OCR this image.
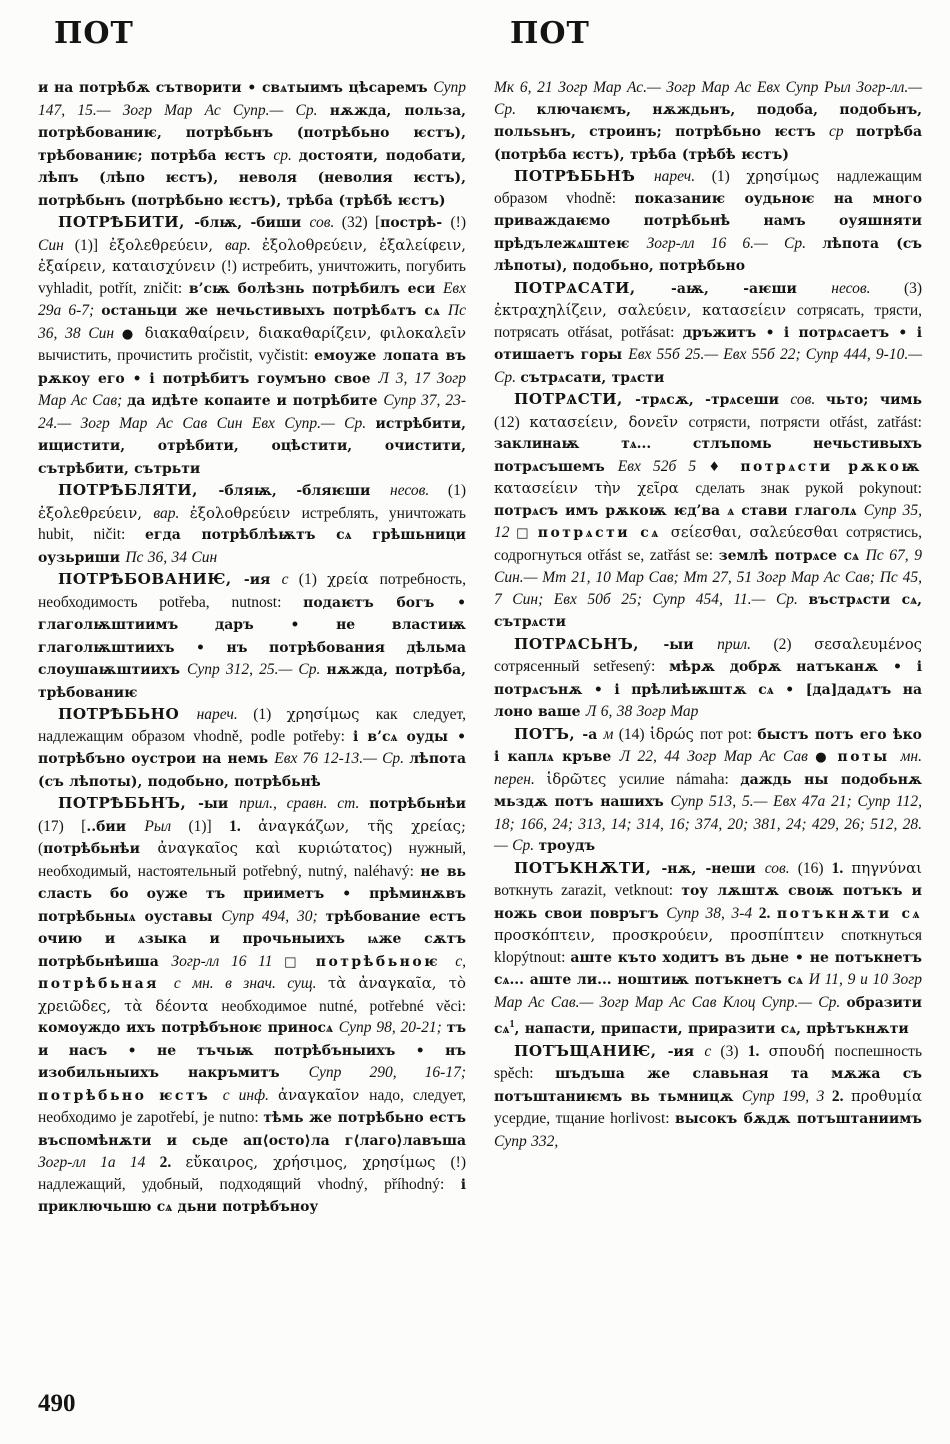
ПОТ

и на потрѣбѫ сътворити • свѧтыимъ цѣсаремъ Супр 147, 15.— Зогр Мар Ас Супр.— Ср. нѫжда, польза, потрѣбованиѥ, потрѣбьнъ (потрѣбьно ѥстъ), трѣбованиѥ; потрѣба ѥстъ ср. достояти, подобати, лѣпъ (лѣпо ѥстъ), неволя (неволия ѥстъ), потрѣбьнъ (потрѣбьно ѥстъ), трѣба (трѣбѣ ѥстъ)

ПОТРѢБИТИ, -блѭ, -биши сов. (32) [пострѣ- (!) Син (1)] ἐξολεθρεύειν, вар. ἐξολοθρεύειν, ἐξαλείφειν, ἐξαίρειν, καταισχύνειν (!) истребить, уничтожить, погубить vyhladit, potřít, zničit: в’сѭ болѣзнь потрѣбилъ еси Евх 29а 6-7; останьци же нечьстивыхъ потрѣбѧтъ сѧ Пс 36, 38 Син ● διακαθαίρειν, διακαθαρίζειν, φιλοκαλεῖν вычистить, прочистить pročistit, vyčistit: емоуже лопата въ рѫкоу его • і потрѣбитъ гоумъно свое Л 3, 17 Зогр Мар Ас Сав; да идѣте копаите и потрѣбите Супр 37, 23-24.— Зогр Мар Ас Сав Син Евх Супр.— Ср. истрѣбити, ищистити, отрѣбити, оцѣстити, очистити, сътрѣбити, сътрьти

ПОТРѢБЛЯТИ, -бляѭ, -бляѥши несов. (1) ἐξολεθρεύειν, вар. ἐξολοθρεύειν истреблять, уничтожать hubit, ničit: егда потрѣблѣѭтъ сѧ грѣшьници оузьриши Пс 36, 34 Син

ПОТРѢБОВАНИѤ, -ия с (1) χρεία потребность, необходимость potřeba, nutnost: подаѥтъ богъ • глаголѭштиимъ даръ • не властиѭ глаголѭштиихъ • нъ потрѣбования дѣльма слоушаѭштиихъ Супр 312, 25.— Ср. нѫжда, потрѣба, трѣбованиѥ

ПОТРѢБЬНО нареч. (1) χρησίμως как следует, надлежащим образом vhodně, podle potřeby: і в’сѧ оуды • потрѣбъно оустрои на немь Евх 76 12-13.— Ср. лѣпота (съ лѣпоты), подобьно, потрѣбьнѣ

ПОТРѢБЬНЪ, -ыи прил., сравн. ст. потрѣбьнѣи (17) [..бии Рыл (1)] 1. ἀναγκάζων, τῆς χρείας; (потрѣбьнѣи ἀναγκαῖος καὶ κυριώτατος) нужный, необходимый, настоятельный potřebný, nutný, naléhavý: не вь сласть бо оуже тъ прииметъ • прѣминѫвъ потрѣбьныѧ оуставы Супр 494, 30; трѣбование естъ очию и ѧзыка и прочьныихъ ѩже сѫтъ потрѣбьнѣиша Зогр-лл 16 11 □ потрѣбьноѥ с, потрѣбьная с мн. в знач. сущ. τὰ ἀναγκαῖα, τὸ χρειῶδες, τὰ δέοντα необходимое nutné, potřebné věci: комоуждо ихъ потрѣбъноѥ приносѧ Супр 98, 20-21; тъ и насъ • не тъчьѭ потрѣбъныихъ • нъ изобильныихъ накръмитъ Супр 290, 16-17; потрѣбьно ѥстъ с инф. ἀναγκαῖον надо, следует, необходимо je zapotřebí, je nutno: тѣмь же потрѣбьно естъ въспомѣнѫти и сьде ап⟨осто⟩ла г⟨лаго⟩лавъша Зогр-лл 1а 14 2. εὔκαιρος, χρήσιμος, χρησίμως (!) надлежащий, удобный, подходящий vhodný, příhodný: і приключьшю сѧ дьни потрѣбъноу

ПОТ

Мк 6, 21 Зогр Мар Ас.— Зогр Мар Ас Евх Супр Рыл Зогр-лл.— Ср. ключаѥмъ, нѫждьнъ, подоба, подобьнъ, польѕьнъ, строинъ; потрѣбьно ѥстъ ср потрѣба (потрѣба ѥстъ), трѣба (трѣбѣ ѥстъ)

ПОТРѢБЬНѢ нареч. (1) χρησίμως надлежащим образом vhodně: показаниѥ оудьноѥ на много приваждаѥмо потрѣбьнѣ намъ оуяшняти прѣдълежѧштеѥ Зогр-лл 16 6.— Ср. лѣпота (съ лѣпоты), подобьно, потрѣбьно

ПОТРѦСАТИ, -аѭ, -аѥши несов. (3) ἐκτραχηλίζειν, σαλεύειν, κατασείειν сотрясать, трясти, потрясать otřásat, potřásat: дръжитъ • і потрѧсаетъ • і отишаетъ горы Евх 55б 25.— Евх 55б 22; Супр 444, 9-10.— Ср. сътрѧсати, трѧсти

ПОТРѦСТИ, -трѧсѫ, -трѧсеши сов. чьто; чимь (12) κατασείειν, δονεῖν сотрясти, потрясти otřást, zatřást: заклинаѭ тѧ... стлъпомь нечьстивыхъ потрѧсъшемъ Евх 52б 5 ♦ потрѧсти рѫкоѭ κατασείειν τὴν χεῖρα сделать знак рукой pokynout: потрѧсъ имъ рѫкоѭ ѥд’ва ѧ стави глаголѧ Супр 35, 12 □ потрѧсти сѧ σείεσθαι, σαλεύεσθαι сотрястись, содрогнуться otřást se, zatřást se: землѣ потрѧсе сѧ Пс 67, 9 Син.— Мт 21, 10 Мар Сав; Мт 27, 51 Зогр Мар Ас Сав; Пс 45, 7 Син; Евх 50б 25; Супр 454, 11.— Ср. въстрѧсти сѧ, сътрѧсти

ПОТРѦСЬНЪ, -ыи прил. (2) σεσαλευμένος сотрясенный setřesený: мѣрѫ добрѫ натъканѫ • і потрѧсънѫ • і прѣлиѣѭштѫ сѧ • [да]дадѧтъ на лоно ваше Л 6, 38 Зогр Мар

ПОТЪ, -а м (14) ἱδρώς пот pot: быстъ потъ его ѣко і каплѧ кръве Л 22, 44 Зогр Мар Ас Сав ● поты мн. перен. ἱδρῶτες усилие námaha: даждь ны подобьнѫ мьздѫ потъ нашихъ Супр 513, 5.— Евх 47а 21; Супр 112, 18; 166, 24; 313, 14; 314, 16; 374, 20; 381, 24; 429, 26; 512, 28.— Ср. троудъ

ПОТЪКНѪТИ, -нѫ, -неши сов. (16) 1. πηγνύναι воткнуть zarazit, vetknout: тоу лѫштѫ своѭ потъкъ и ножь свои повръгъ Супр 38, 3-4 2. потъкнѫти сѧ προσκόπτειν, προσκρούειν, προσπίπτειν споткнуться klopýtnout: аште къто ходитъ въ дьне • не потъкнетъ сѧ... аште ли... ноштиѭ потъкнетъ сѧ И 11, 9 и 10 Зогр Мар Ас Сав.— Зогр Мар Ас Сав Клоц Супр.— Ср. образити $сѧ^1$, напасти, припасти, приразити сѧ, прѣтъкнѫти

ПОТЪЩАНИѤ, -ия с (3) 1. σπουδή поспешность spěch: шъдъша же славьная та мѫжа съ потъштаниѥмъ вь тьмницѫ Супр 199, 3 2. προθυμία усердие, тщание horlivost: высокъ бѫдѫ потъштаниимъ Супр 332,

490
